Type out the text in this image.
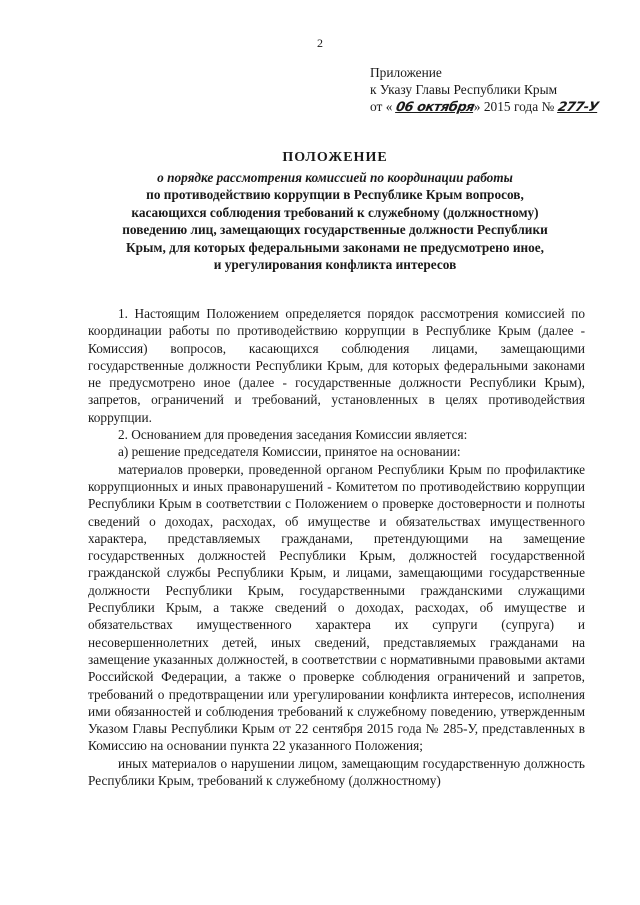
2
Приложение
к Указу Главы Республики Крым
от « 06 октября» 2015 года № 277-У
ПОЛОЖЕНИЕ
о порядке рассмотрения комиссией по координации работы
по противодействию коррупции в Республике Крым вопросов,
касающихся соблюдения требований к служебному (должностному)
поведению лиц, замещающих государственные должности Республики
Крым, для которых федеральными законами не предусмотрено иное,
и урегулирования конфликта интересов

1. Настоящим Положением определяется порядок рассмотрения комиссией по координации работы по противодействию коррупции в Республике Крым (далее - Комиссия) вопросов, касающихся соблюдения лицами, замещающими государственные должности Республики Крым, для которых федеральными законами не предусмотрено иное (далее - государственные должности Республики Крым), запретов, ограничений и требований, установленных в целях противодействия коррупции.

2. Основанием для проведения заседания Комиссии является:

а) решение председателя Комиссии, принятое на основании:

материалов проверки, проведенной органом Республики Крым по профилактике коррупционных и иных правонарушений - Комитетом по противодействию коррупции Республики Крым в соответствии с Положением о проверке достоверности и полноты сведений о доходах, расходах, об имуществе и обязательствах имущественного характера, представляемых гражданами, претендующими на замещение государственных должностей Республики Крым, должностей государственной гражданской службы Республики Крым, и лицами, замещающими государственные должности Республики Крым, государственными гражданскими служащими Республики Крым, а также сведений о доходах, расходах, об имуществе и обязательствах имущественного характера их супруги (супруга) и несовершеннолетних детей, иных сведений, представляемых гражданами на замещение указанных должностей, в соответствии с нормативными правовыми актами Российской Федерации, а также о проверке соблюдения ограничений и запретов, требований о предотвращении или урегулировании конфликта интересов, исполнения ими обязанностей и соблюдения требований к служебному поведению, утвержденным Указом Главы Республики Крым от 22 сентября 2015 года № 285-У, представленных в Комиссию на основании пункта 22 указанного Положения;

иных материалов о нарушении лицом, замещающим государственную должность Республики Крым, требований к служебному (должностному)
